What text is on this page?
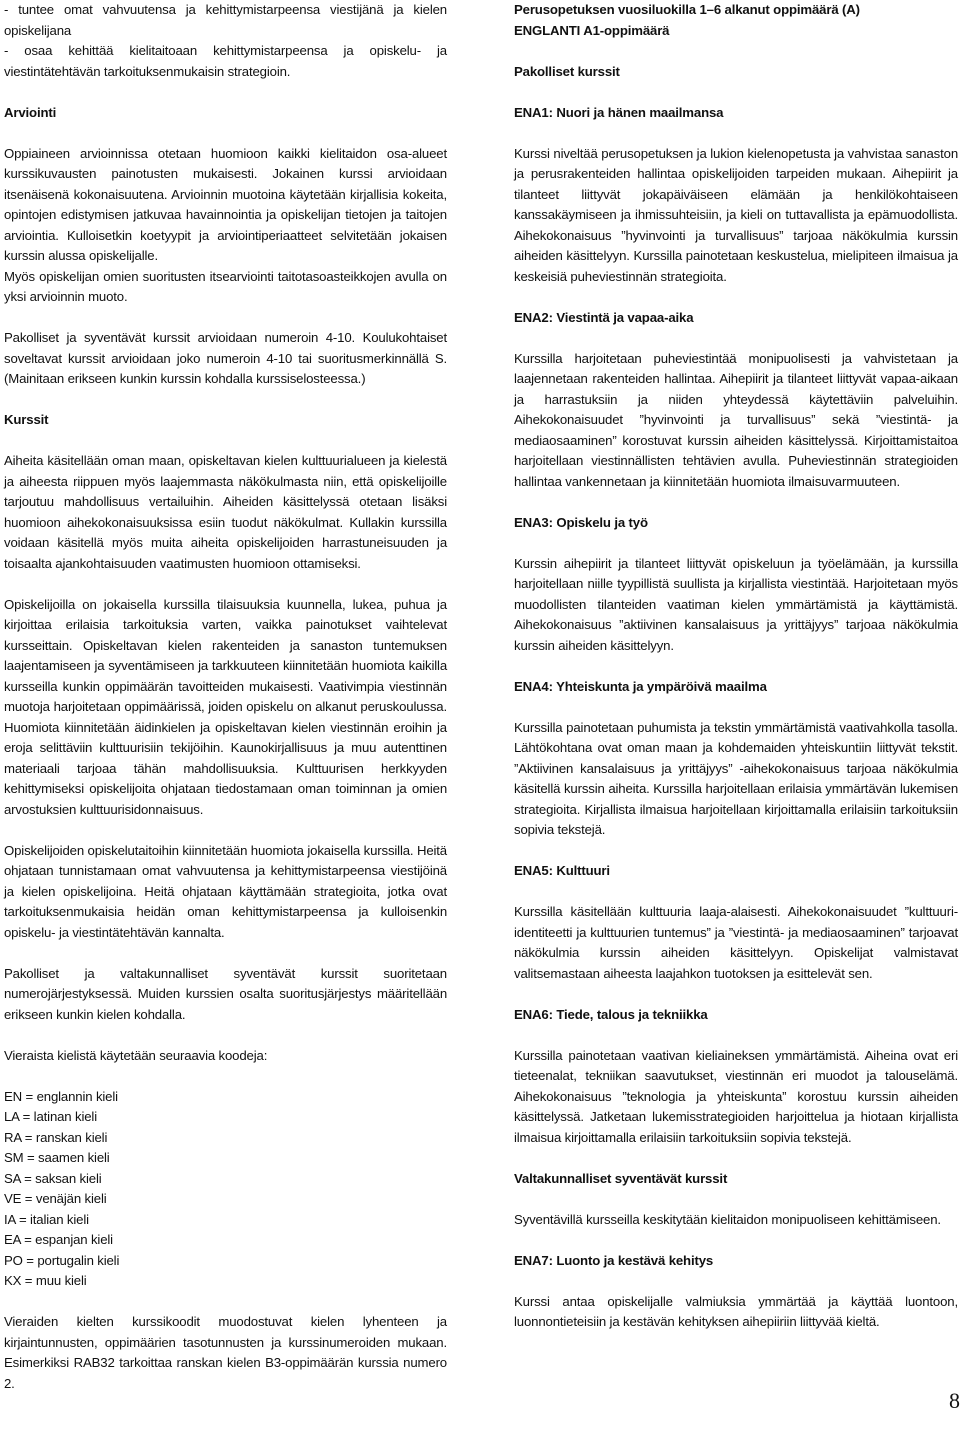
- tuntee omat vahvuutensa ja kehittymistarpeensa viestijänä ja kielen opiskelijana

- osaa kehittää kielitaitoaan kehittymistarpeensa ja opiskelu- ja viestintätehtävän tarkoituksenmukaisin strategioin.

Arviointi

Oppiaineen arvioinnissa otetaan huomioon kaikki kielitaidon osa-alueet kurssikuvausten painotusten mukaisesti. Jokainen kurssi arvioidaan itsenäisenä kokonaisuutena. Arvioinnin muotoina käytetään kirjallisia kokeita, opintojen edistymisen jatkuvaa havainnointia ja opiskelijan tietojen ja taitojen arviointia. Kulloisetkin koetyypit ja arviointiperiaatteet selvitetään jokaisen kurssin alussa opiskelijalle.

Myös opiskelijan omien suoritusten itsearviointi taitotasoasteikkojen avulla on yksi arvioinnin muoto.

Pakolliset ja syventävät kurssit arvioidaan numeroin 4-10. Koulukohtaiset soveltavat kurssit arvioidaan joko numeroin 4-10 tai suoritusmerkinnällä S. (Mainitaan erikseen kunkin kurssin kohdalla kurssiselosteessa.)

Kurssit

Aiheita käsitellään oman maan, opiskeltavan kielen kulttuurialueen ja kielestä ja aiheesta riippuen myös laajemmasta näkökulmasta niin, että opiskelijoille tarjoutuu mahdollisuus vertailuihin. Aiheiden käsittelyssä otetaan lisäksi huomioon aihekokonaisuuksissa esiin tuodut näkökulmat. Kullakin kurssilla voidaan käsitellä myös muita aiheita opiskelijoiden harrastuneisuuden ja toisaalta ajankohtaisuuden vaatimusten huomioon ottamiseksi.

Opiskelijoilla on jokaisella kurssilla tilaisuuksia kuunnella, lukea, puhua ja kirjoittaa erilaisia tarkoituksia varten, vaikka painotukset vaihtelevat kursseittain. Opiskeltavan kielen rakenteiden ja sanaston tuntemuksen laajentamiseen ja syventämiseen ja tarkkuuteen kiinnitetään huomiota kaikilla kursseilla kunkin oppimäärän tavoitteiden mukaisesti. Vaativimpia viestinnän muotoja harjoitetaan oppimäärissä, joiden opiskelu on alkanut peruskoulussa. Huomiota kiinnitetään äidinkielen ja opiskeltavan kielen viestinnän eroihin ja eroja selittäviin kulttuurisiin tekijöihin. Kaunokirjallisuus ja muu autenttinen materiaali tarjoaa tähän mahdollisuuksia. Kulttuurisen herkkyyden kehittymiseksi opiskelijoita ohjataan tiedostamaan oman toiminnan ja omien arvostuksien kulttuurisidonnaisuus.

Opiskelijoiden opiskelutaitoihin kiinnitetään huomiota jokaisella kurssilla. Heitä ohjataan tunnistamaan omat vahvuutensa ja kehittymistarpeensa viestijöinä ja kielen opiskelijoina. Heitä ohjataan käyttämään strategioita, jotka ovat tarkoituksenmukaisia heidän oman kehittymistarpeensa ja kulloisenkin opiskelu- ja viestintätehtävän kannalta.

Pakolliset ja valtakunnalliset syventävät kurssit suoritetaan numerojärjestyksessä. Muiden kurssien osalta suoritusjärjestys määritellään erikseen kunkin kielen kohdalla.

Vieraista kielistä käytetään seuraavia koodeja:

EN = englannin kieli

LA = latinan kieli

RA = ranskan kieli

SM = saamen kieli

SA = saksan kieli

VE = venäjän kieli

IA = italian kieli

EA = espanjan kieli

PO = portugalin kieli

KX = muu kieli

Vieraiden kielten kurssikoodit muodostuvat kielen lyhenteen ja kirjaintunnusten, oppimäärien tasotunnusten ja kurssinumeroiden mukaan. Esimerkiksi RAB32 tarkoittaa ranskan kielen B3-oppimäärän kurssia numero 2.

Perusopetuksen vuosiluokilla 1–6 alkanut oppimäärä (A)

ENGLANTI A1-oppimäärä

Pakolliset kurssit

ENA1: Nuori ja hänen maailmansa

Kurssi niveltää perusopetuksen ja lukion kielenopetusta ja vahvistaa sanaston ja perusrakenteiden hallintaa opiskelijoiden tarpeiden mukaan. Aihepiirit ja tilanteet liittyvät jokapäiväiseen elämään ja henkilökohtaiseen kanssakäymiseen ja ihmissuhteisiin, ja kieli on tuttavallista ja epämuodollista. Aihekokonaisuus ”hyvinvointi ja turvallisuus” tarjoaa näkökulmia kurssin aiheiden käsittelyyn. Kurssilla painotetaan keskustelua, mielipiteen ilmaisua ja keskeisiä puheviestinnän strategioita.

ENA2: Viestintä ja vapaa-aika

Kurssilla harjoitetaan puheviestintää monipuolisesti ja vahvistetaan ja laajennetaan rakenteiden hallintaa. Aihepiirit ja tilanteet liittyvät vapaa-aikaan ja harrastuksiin ja niiden yhteydessä käytettäviin palveluihin. Aihekokonaisuudet ”hyvinvointi ja turvallisuus” sekä ”viestintä- ja mediaosaaminen” korostuvat kurssin aiheiden käsittelyssä. Kirjoittamistaitoa harjoitellaan viestinnällisten tehtävien avulla. Puheviestinnän strategioiden hallintaa vankennetaan ja kiinnitetään huomiota ilmaisuvarmuuteen.

ENA3: Opiskelu ja työ

Kurssin aihepiirit ja tilanteet liittyvät opiskeluun ja työelämään, ja kurssilla harjoitellaan niille tyypillistä suullista ja kirjallista viestintää. Harjoitetaan myös muodollisten tilanteiden vaatiman kielen ymmärtämistä ja käyttämistä. Aihekokonaisuus ”aktiivinen kansalaisuus ja yrittäjyys” tarjoaa näkökulmia kurssin aiheiden käsittelyyn.

ENA4: Yhteiskunta ja ympäröivä maailma

Kurssilla painotetaan puhumista ja tekstin ymmärtämistä vaativahkolla tasolla. Lähtökohtana ovat oman maan ja kohdemaiden yhteiskuntiin liittyvät tekstit. ”Aktiivinen kansalaisuus ja yrittäjyys” -aihekokonaisuus tarjoaa näkökulmia käsitellä kurssin aiheita. Kurssilla harjoitellaan erilaisia ymmärtävän lukemisen strategioita. Kirjallista ilmaisua harjoitellaan kirjoittamalla erilaisiin tarkoituksiin sopivia tekstejä.

ENA5: Kulttuuri

Kurssilla käsitellään kulttuuria laaja-alaisesti. Aihekokonaisuudet ”kulttuuri-identiteetti ja kulttuurien tuntemus” ja ”viestintä- ja mediaosaaminen” tarjoavat näkökulmia kurssin aiheiden käsittelyyn. Opiskelijat valmistavat valitsemastaan aiheesta laajahkon tuotoksen ja esittelevät sen.

ENA6: Tiede, talous ja tekniikka

Kurssilla painotetaan vaativan kieliaineksen ymmärtämistä. Aiheina ovat eri tieteenalat, tekniikan saavutukset, viestinnän eri muodot ja talouselämä. Aihekokonaisuus ”teknologia ja yhteiskunta” korostuu kurssin aiheiden käsittelyssä. Jatketaan lukemisstrategioiden harjoittelua ja hiotaan kirjallista ilmaisua kirjoittamalla erilaisiin tarkoituksiin sopivia tekstejä.

Valtakunnalliset syventävät kurssit

Syventävillä kursseilla keskitytään kielitaidon monipuoliseen kehittämiseen.

ENA7: Luonto ja kestävä kehitys

Kurssi antaa opiskelijalle valmiuksia ymmärtää ja käyttää luontoon, luonnontieteisiin ja kestävän kehityksen aihepiiriin liittyvää kieltä.

8
